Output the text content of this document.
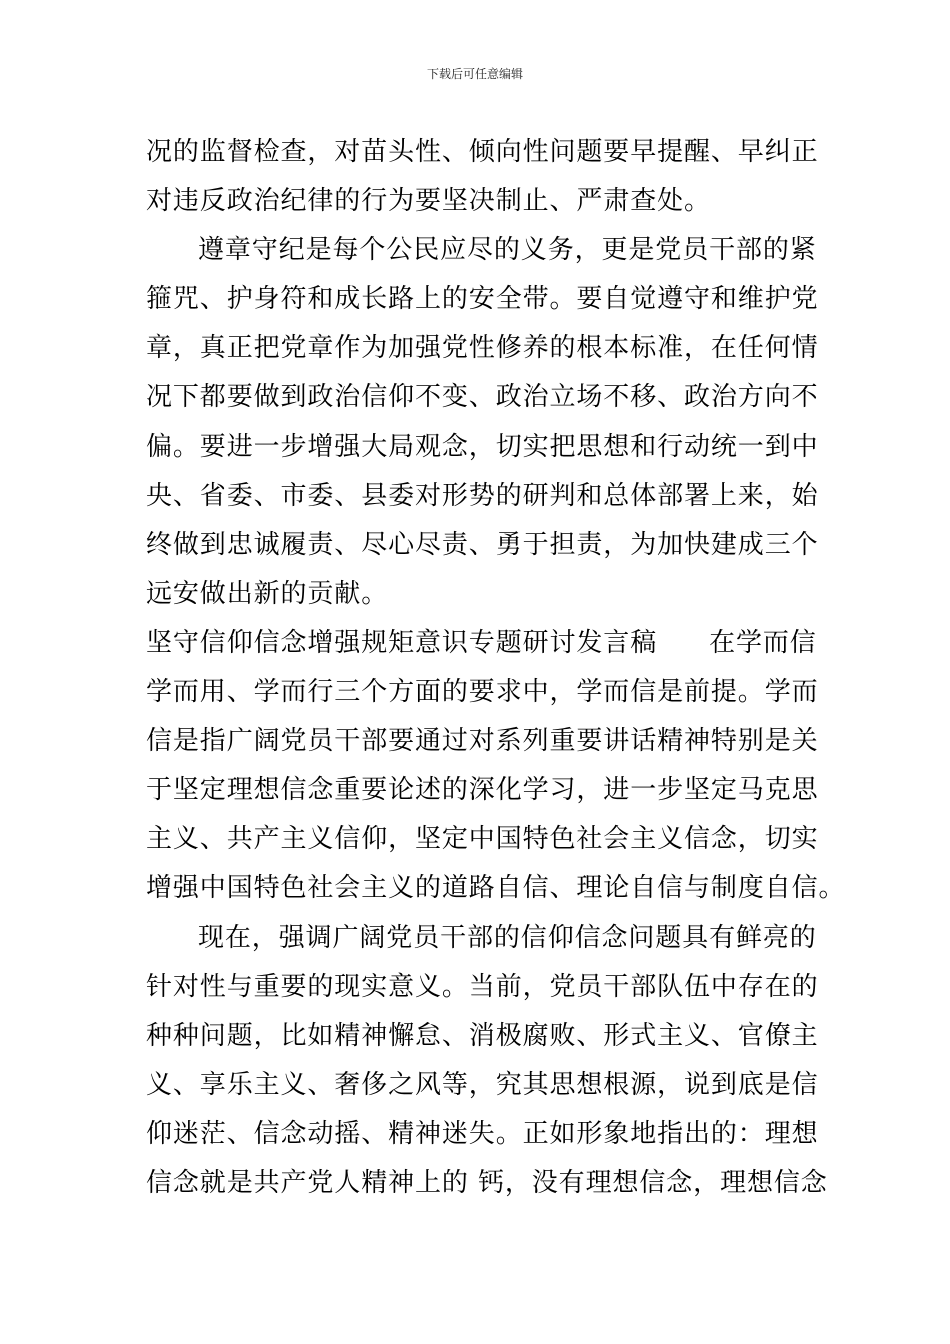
下载后可任意编辑
况的监督检查，对苗头性、倾向性问题要早提醒、早纠正
对违反政治纪律的行为要坚决制止、严肃查处。
遵章守纪是每个公民应尽的义务，更是党员干部的紧
箍咒、护身符和成长路上的安全带。要自觉遵守和维护党
章，真正把党章作为加强党性修养的根本标准，在任何情
况下都要做到政治信仰不变、政治立场不移、政治方向不
偏。要进一步增强大局观念，切实把思想和行动统一到中
央、省委、市委、县委对形势的研判和总体部署上来，始
终做到忠诚履责、尽心尽责、勇于担责，为加快建成三个
远安做出新的贡献。
坚守信仰信念增强规矩意识专题研讨发言稿 在学而信
学而用、学而行三个方面的要求中，学而信是前提。学而
信是指广阔党员干部要通过对系列重要讲话精神特别是关
于坚定理想信念重要论述的深化学习，进一步坚定马克思
主义、共产主义信仰，坚定中国特色社会主义信念，切实
增强中国特色社会主义的道路自信、理论自信与制度自信。
现在，强调广阔党员干部的信仰信念问题具有鲜亮的
针对性与重要的现实意义。当前，党员干部队伍中存在的
种种问题，比如精神懈怠、消极腐败、形式主义、官僚主
义、享乐主义、奢侈之风等，究其思想根源，说到底是信
仰迷茫、信念动摇、精神迷失。正如形象地指出的：理想
信念就是共产党人精神上的 钙，没有理想信念，理想信念
